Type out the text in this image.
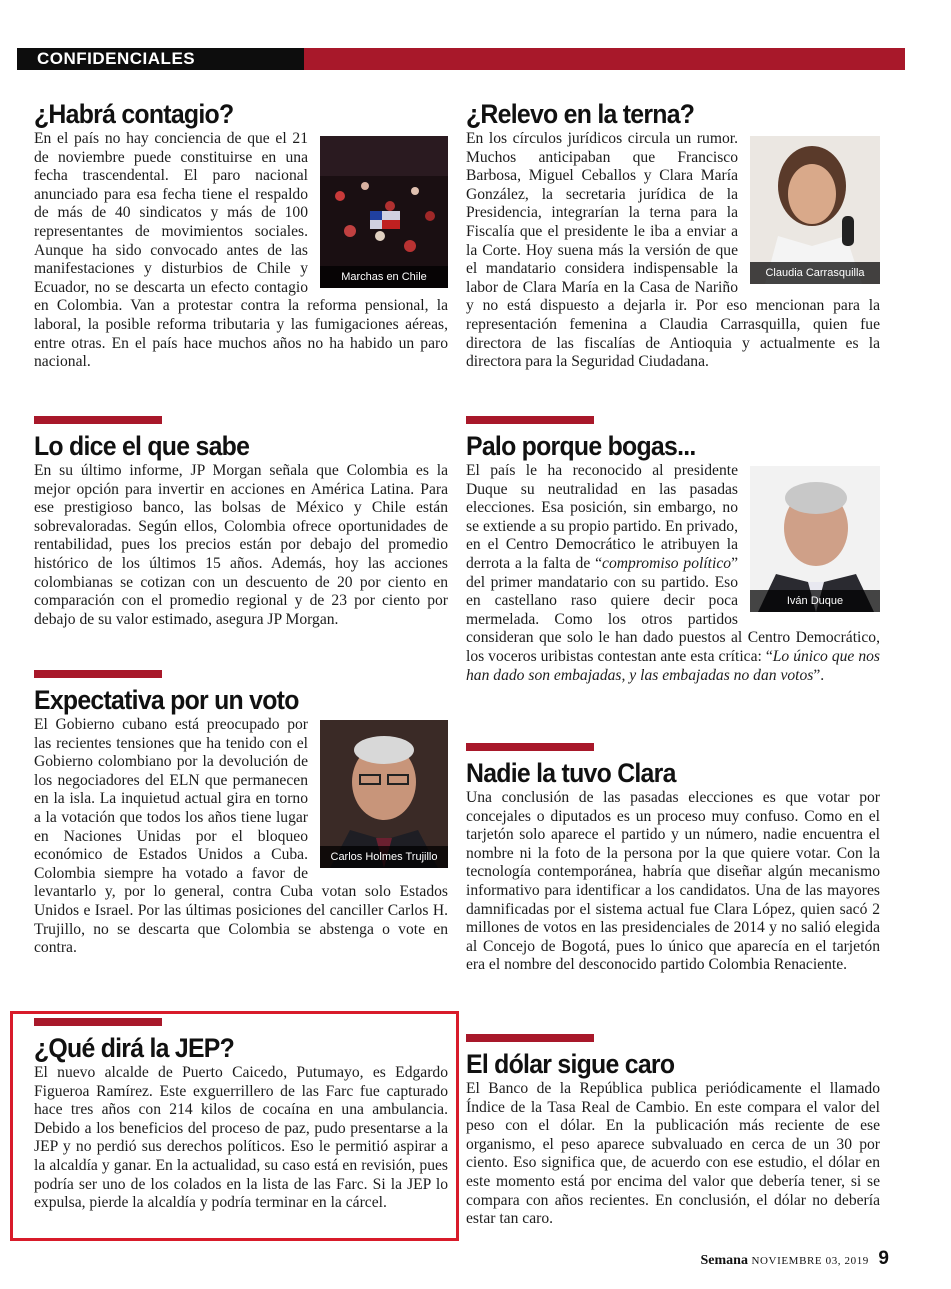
CONFIDENCIALES
¿Habrá contagio?
Marchas en Chile

En el país no hay conciencia de que el 21 de noviembre puede constituirse en una fecha trascendental. El paro nacional anunciado para esa fecha tiene el respaldo de más de 40 sindicatos y más de 100 representantes de movimientos sociales. Aunque ha sido convocado antes de las manifestaciones y disturbios de Chile y Ecuador, no se descarta un efecto contagio en Colombia. Van a protestar contra la reforma pensional, la laboral, la posible reforma tributaria y las fumigaciones aéreas, entre otras. En el país hace muchos años no ha habido un paro nacional.

Lo dice el que sabe

En su último informe, JP Morgan señala que Colombia es la mejor opción para invertir en acciones en América Latina. Para ese prestigioso banco, las bolsas de México y Chile están sobrevaloradas. Según ellos, Colombia ofrece oportunidades de rentabilidad, pues los precios están por debajo del promedio histórico de los últimos 15 años. Además, hoy las acciones colombianas se cotizan con un descuento de 20 por ciento en comparación con el promedio regional y de 23 por ciento por debajo de su valor estimado, asegura JP Morgan.

Expectativa por un voto
Carlos Holmes Trujillo

El Gobierno cubano está preocupado por las recientes tensiones que ha tenido con el Gobierno colombiano por la devolución de los negociadores del ELN que permanecen en la isla. La inquietud actual gira en torno a la votación que todos los años tiene lugar en Naciones Unidas por el bloqueo económico de Estados Unidos a Cuba. Colombia siempre ha votado a favor de levantarlo y, por lo general, contra Cuba votan solo Estados Unidos e Israel. Por las últimas posiciones del canciller Carlos H. Trujillo, no se descarta que Colombia se abstenga o vote en contra.

¿Qué dirá la JEP?

El nuevo alcalde de Puerto Caicedo, Putumayo, es Edgardo Figueroa Ramírez. Este exguerrillero de las Farc fue capturado hace tres años con 214 kilos de cocaína en una ambulancia. Debido a los beneficios del proceso de paz, pudo presentarse a la JEP y no perdió sus derechos políticos. Eso le permitió aspirar a la alcaldía y ganar. En la actualidad, su caso está en revisión, pues podría ser uno de los colados en la lista de las Farc. Si la JEP lo expulsa, pierde la alcaldía y podría terminar en la cárcel.

¿Relevo en la terna?
Claudia Carrasquilla

En los círculos jurídicos circula un rumor. Muchos anticipaban que Francisco Barbosa, Miguel Ceballos y Clara María González, la secretaria jurídica de la Presidencia, integrarían la terna para la Fiscalía que el presidente le iba a enviar a la Corte. Hoy suena más la versión de que el mandatario considera indispensable la labor de Clara María en la Casa de Nariño y no está dispuesto a dejarla ir. Por eso mencionan para la representación femenina a Claudia Carrasquilla, quien fue directora de las fiscalías de Antioquia y actualmente es la directora para la Seguridad Ciudadana.

Palo porque bogas...
Iván Duque

El país le ha reconocido al presidente Duque su neutralidad en las pasadas elecciones. Esa posición, sin embargo, no se extiende a su propio partido. En privado, en el Centro Democrático le atribuyen la derrota a la falta de “compromiso político” del primer mandatario con su partido. Eso en castellano raso quiere decir poca mermelada. Como los otros partidos consideran que solo le han dado puestos al Centro Democrático, los voceros uribistas contestan ante esta crítica: “Lo único que nos han dado son embajadas, y las embajadas no dan votos”.

Nadie la tuvo Clara

Una conclusión de las pasadas elecciones es que votar por concejales o diputados es un proceso muy confuso. Como en el tarjetón solo aparece el partido y un número, nadie encuentra el nombre ni la foto de la persona por la que quiere votar. Con la tecnología contemporánea, habría que diseñar algún mecanismo informativo para identificar a los candidatos. Una de las mayores damnificadas por el sistema actual fue Clara López, quien sacó 2 millones de votos en las presidenciales de 2014 y no salió elegida al Concejo de Bogotá, pues lo único que aparecía en el tarjetón era el nombre del desconocido partido Colombia Renaciente.

El dólar sigue caro

El Banco de la República publica periódicamente el llamado Índice de la Tasa Real de Cambio. En este compara el valor del peso con el dólar. En la publicación más reciente de ese organismo, el peso aparece subvaluado en cerca de un 30 por ciento. Eso significa que, de acuerdo con ese estudio, el dólar en este momento está por encima del valor que debería tener, si se compara con años recientes. En conclusión, el dólar no debería estar tan caro.

Semana NOVIEMBRE 03, 2019 9
